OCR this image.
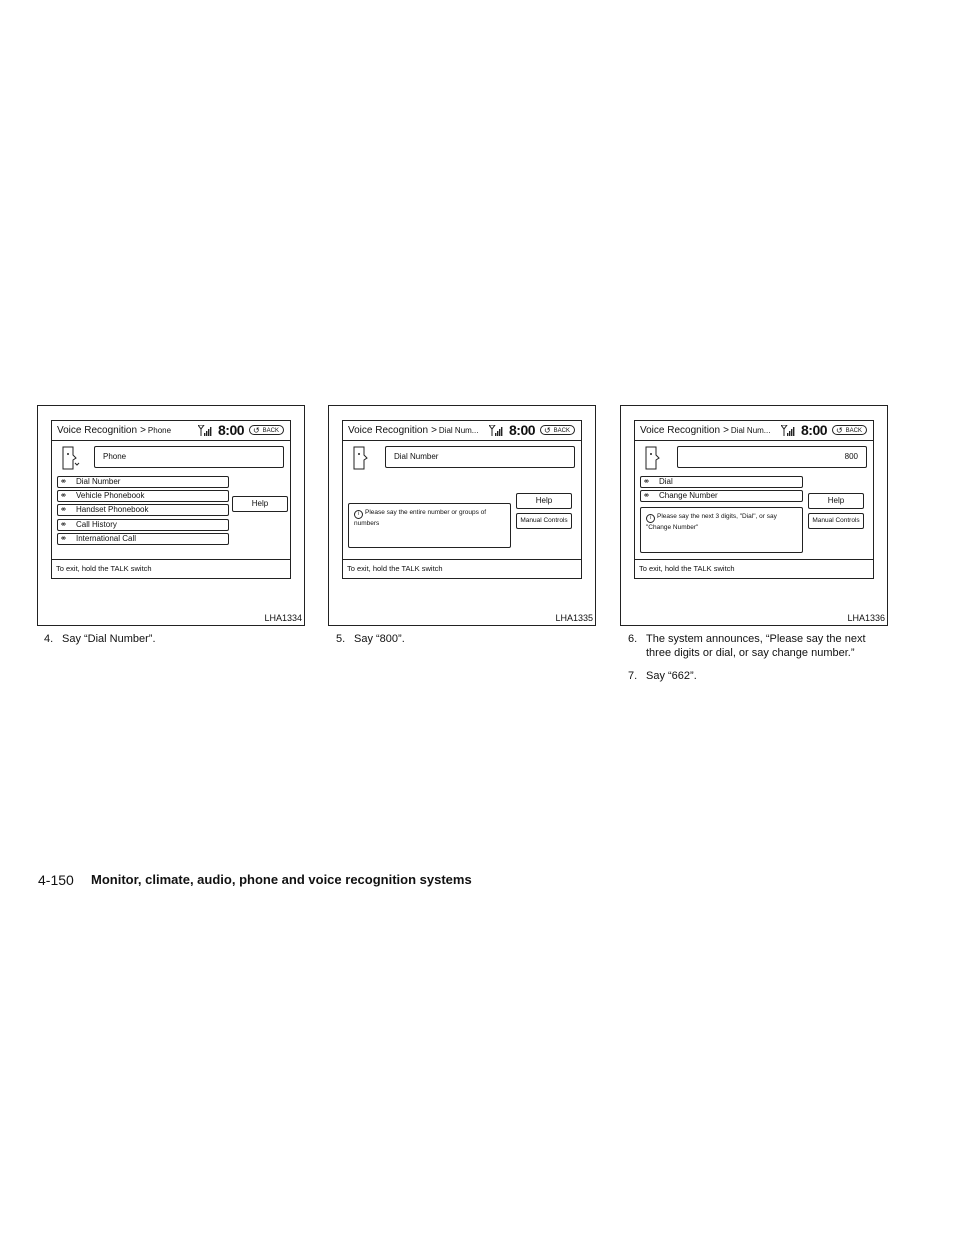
Voice Recognition > Phone	8:00 ↺ BACK
Phone
‹‹› Dial Number
‹‹› Vehicle Phonebook
‹‹› Handset Phonebook
‹‹› Call History
‹‹› International Call
Help
To exit, hold the TALK switch
LHA1334
Voice Recognition > Dial Num... 8:00 ↺ BACK
Dial Number
i Please say the entire number or groups of numbers
Help
Manual Controls
To exit, hold the TALK switch
LHA1335
Voice Recognition > Dial Num... 8:00 ↺ BACK
800
‹‹› Dial
‹‹› Change Number
i Please say the next 3 digits, "Dial", or say "Change Number"
Help
Manual Controls
To exit, hold the TALK switch
LHA1336
4. Say “Dial Number”.	5. Say “800”.	6. The system announces, “Please say the next
three digits or dial, or say change number.”
7. Say “662”.
4-150 Monitor, climate, audio, phone and voice recognition systems
